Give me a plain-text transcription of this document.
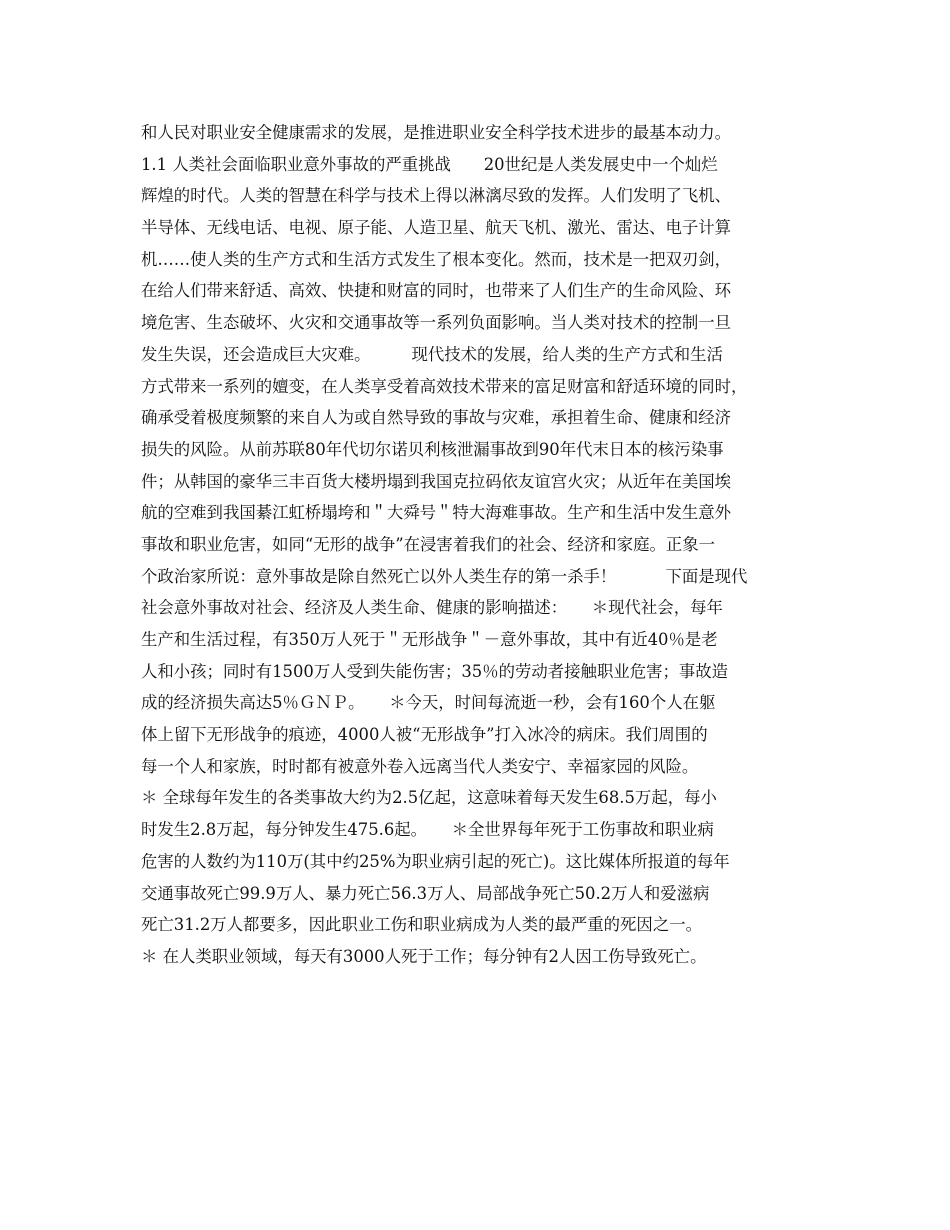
和人民对职业安全健康需求的发展，是推进职业安全科学技术进步的最基本动力。
1.1 人类社会面临职业意外事故的严重挑战　　20世纪是人类发展史中一个灿烂
辉煌的时代。人类的智慧在科学与技术上得以淋漓尽致的发挥。人们发明了飞机、
半导体、无线电话、电视、原子能、人造卫星、航天飞机、激光、雷达、电子计算
机……使人类的生产方式和生活方式发生了根本变化。然而，技术是一把双刃剑，
在给人们带来舒适、高效、快捷和财富的同时，也带来了人们生产的生命风险、环
境危害、生态破坏、火灾和交通事故等一系列负面影响。当人类对技术的控制一旦
发生失误，还会造成巨大灾难。　　　现代技术的发展，给人类的生产方式和生活
方式带来一系列的嬗变，在人类享受着高效技术带来的富足财富和舒适环境的同时，
确承受着极度频繁的来自人为或自然导致的事故与灾难，承担着生命、健康和经济
损失的风险。从前苏联80年代切尔诺贝利核泄漏事故到90年代末日本的核污染事
件；从韩国的豪华三丰百货大楼坍塌到我国克拉码依友谊宫火灾；从近年在美国埃
航的空难到我国綦江虹桥塌垮和＂大舜号＂特大海难事故。生产和生活中发生意外
事故和职业危害，如同“无形的战争”在浸害着我们的社会、经济和家庭。正象一
个政治家所说：意外事故是除自然死亡以外人类生存的第一杀手！　　　下面是现代
社会意外事故对社会、经济及人类生命、健康的影响描述：　　＊现代社会，每年
生产和生活过程，有350万人死于＂无形战争＂－意外事故，其中有近40％是老
人和小孩；同时有1500万人受到失能伤害；35％的劳动者接触职业危害；事故造
成的经济损失高达5％ＧＮＰ。　　＊今天，时间每流逝一秒，会有160个人在躯
体上留下无形战争的痕迹，4000人被“无形战争”打入冰冷的病床。我们周围的
每一个人和家族，时时都有被意外卷入远离当代人类安宁、幸福家园的风险。
＊ 全球每年发生的各类事故大约为2.5亿起，这意味着每天发生68.5万起，每小
时发生2.8万起，每分钟发生475.6起。　　＊全世界每年死于工伤事故和职业病
危害的人数约为110万(其中约25%为职业病引起的死亡)。这比媒体所报道的每年
交通事故死亡99.9万人、暴力死亡56.3万人、局部战争死亡50.2万人和爱滋病
死亡31.2万人都要多，因此职业工伤和职业病成为人类的最严重的死因之一。
＊ 在人类职业领域，每天有3000人死于工作；每分钟有2人因工伤导致死亡。
